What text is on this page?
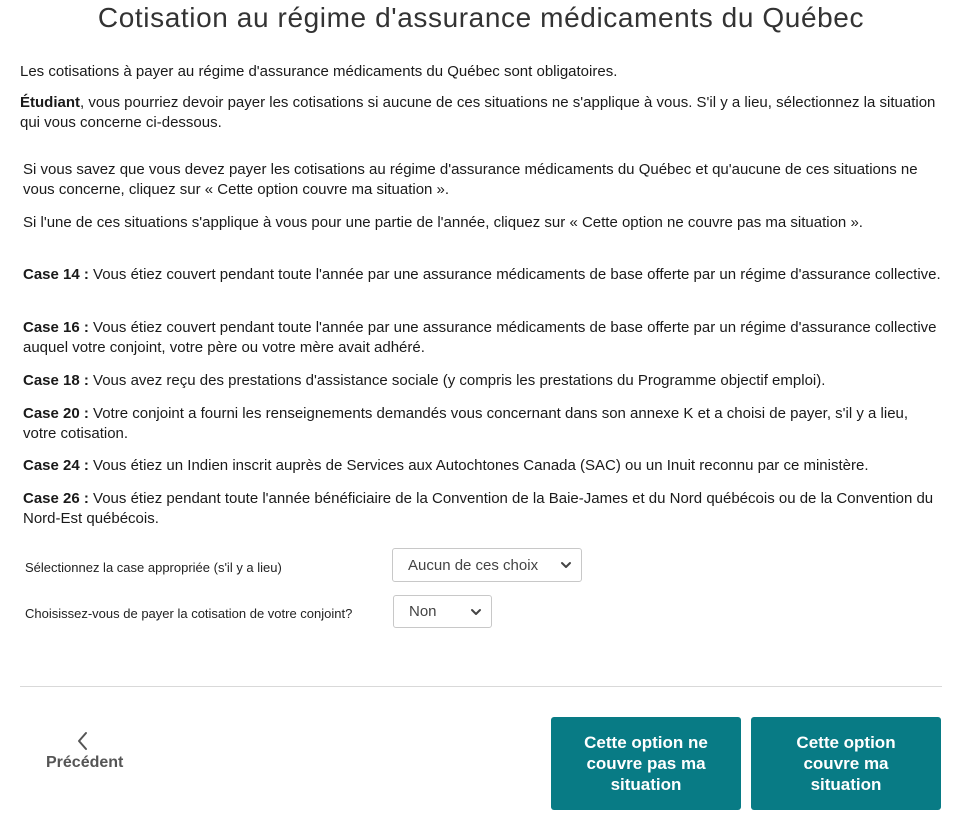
Cotisation au régime d'assurance médicaments du Québec

Les cotisations à payer au régime d'assurance médicaments du Québec sont obligatoires.

Étudiant, vous pourriez devoir payer les cotisations si aucune de ces situations ne s'applique à vous. S'il y a lieu, sélectionnez la situation qui vous concerne ci-dessous.

Si vous savez que vous devez payer les cotisations au régime d'assurance médicaments du Québec et qu'aucune de ces situations ne vous concerne, cliquez sur « Cette option couvre ma situation ».

Si l'une de ces situations s'applique à vous pour une partie de l'année, cliquez sur « Cette option ne couvre pas ma situation ».

Case 14 : Vous étiez couvert pendant toute l'année par une assurance médicaments de base offerte par un régime d'assurance collective.

Case 16 : Vous étiez couvert pendant toute l'année par une assurance médicaments de base offerte par un régime d'assurance collective auquel votre conjoint, votre père ou votre mère avait adhéré.

Case 18 : Vous avez reçu des prestations d'assistance sociale (y compris les prestations du Programme objectif emploi).

Case 20 : Votre conjoint a fourni les renseignements demandés vous concernant dans son annexe K et a choisi de payer, s'il y a lieu, votre cotisation.

Case 24 : Vous étiez un Indien inscrit auprès de Services aux Autochtones Canada (SAC) ou un Inuit reconnu par ce ministère.

Case 26 : Vous étiez pendant toute l'année bénéficiaire de la Convention de la Baie-James et du Nord québécois ou de la Convention du Nord-Est québécois.

Sélectionnez la case appropriée (s'il y a lieu)	Aucun de ces choix
Choisissez-vous de payer la cotisation de votre conjoint?	Non
Précédent
Cette option ne couvre pas ma situation
Cette option couvre ma situation
